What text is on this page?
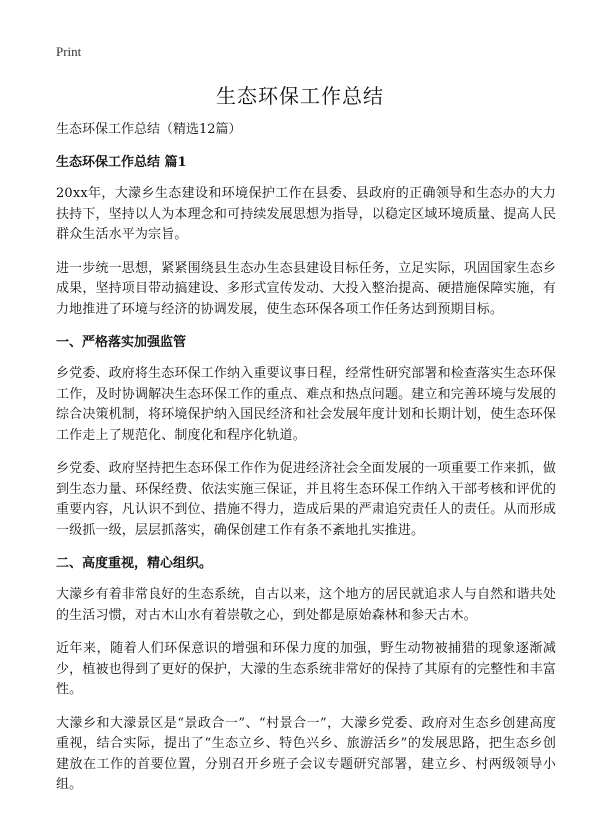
Print
生态环保工作总结

生态环保工作总结（精选12篇）

生态环保工作总结 篇1

20xx年，大濛乡生态建设和环境保护工作在县委、县政府的正确领导和生态办的大力扶持下，坚持以人为本理念和可持续发展思想为指导，以稳定区域环境质量、提高人民群众生活水平为宗旨。

进一步统一思想，紧紧围绕县生态办生态县建设目标任务，立足实际，巩固国家生态乡成果，坚持项目带动搞建设、多形式宣传发动、大投入整治提高、硬措施保障实施，有力地推进了环境与经济的协调发展，使生态环保各项工作任务达到预期目标。

一、严格落实加强监管

乡党委、政府将生态环保工作纳入重要议事日程，经常性研究部署和检查落实生态环保工作，及时协调解决生态环保工作的重点、难点和热点问题。建立和完善环境与发展的综合决策机制，将环境保护纳入国民经济和社会发展年度计划和长期计划，使生态环保工作走上了规范化、制度化和程序化轨道。

乡党委、政府坚持把生态环保工作作为促进经济社会全面发展的一项重要工作来抓，做到生态力量、环保经费、依法实施三保证，并且将生态环保工作纳入干部考核和评优的重要内容，凡认识不到位、措施不得力，造成后果的严肃追究责任人的责任。从而形成一级抓一级，层层抓落实，确保创建工作有条不紊地扎实推进。

二、高度重视，精心组织。

大濛乡有着非常良好的生态系统，自古以来，这个地方的居民就追求人与自然和谐共处的生活习惯，对古木山水有着崇敬之心，到处都是原始森林和参天古木。

近年来，随着人们环保意识的增强和环保力度的加强，野生动物被捕猎的现象逐渐减少，植被也得到了更好的保护，大濛的生态系统非常好的保持了其原有的完整性和丰富性。

大濛乡和大濛景区是“景政合一”、“村景合一”，大濛乡党委、政府对生态乡创建高度重视，结合实际，提出了“生态立乡、特色兴乡、旅游活乡”的发展思路，把生态乡创建放在工作的首要位置，分别召开乡班子会议专题研究部署，建立乡、村两级领导小组。
